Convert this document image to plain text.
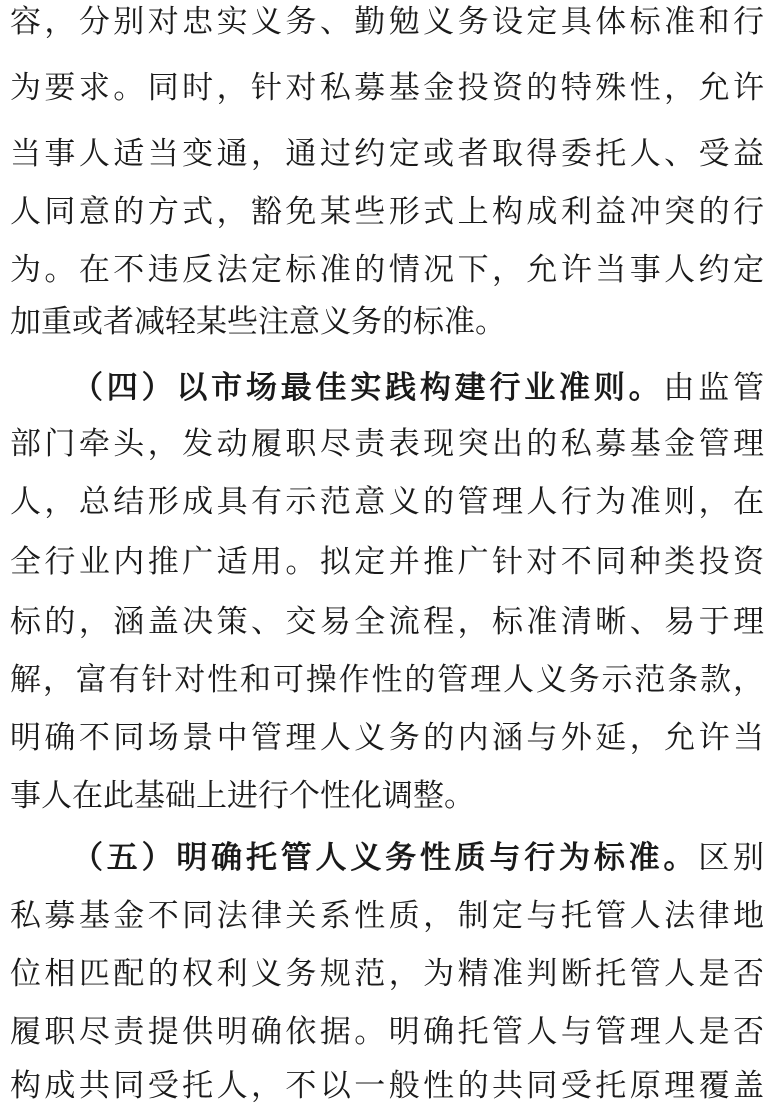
容，分别对忠实义务、勤勉义务设定具体标准和行
为要求。同时，针对私募基金投资的特殊性，允许
当事人适当变通，通过约定或者取得委托人、受益
人同意的方式，豁免某些形式上构成利益冲突的行
为。在不违反法定标准的情况下，允许当事人约定
加重或者减轻某些注意义务的标准。
（四）以市场最佳实践构建行业准则。由监管
部门牵头，发动履职尽责表现突出的私募基金管理
人，总结形成具有示范意义的管理人行为准则，在
全行业内推广适用。拟定并推广针对不同种类投资
标的，涵盖决策、交易全流程，标准清晰、易于理
解，富有针对性和可操作性的管理人义务示范条款，
明确不同场景中管理人义务的内涵与外延，允许当
事人在此基础上进行个性化调整。
（五）明确托管人义务性质与行为标准。区别
私募基金不同法律关系性质，制定与托管人法律地
位相匹配的权利义务规范，为精准判断托管人是否
履职尽责提供明确依据。明确托管人与管理人是否
构成共同受托人，不以一般性的共同受托原理覆盖
